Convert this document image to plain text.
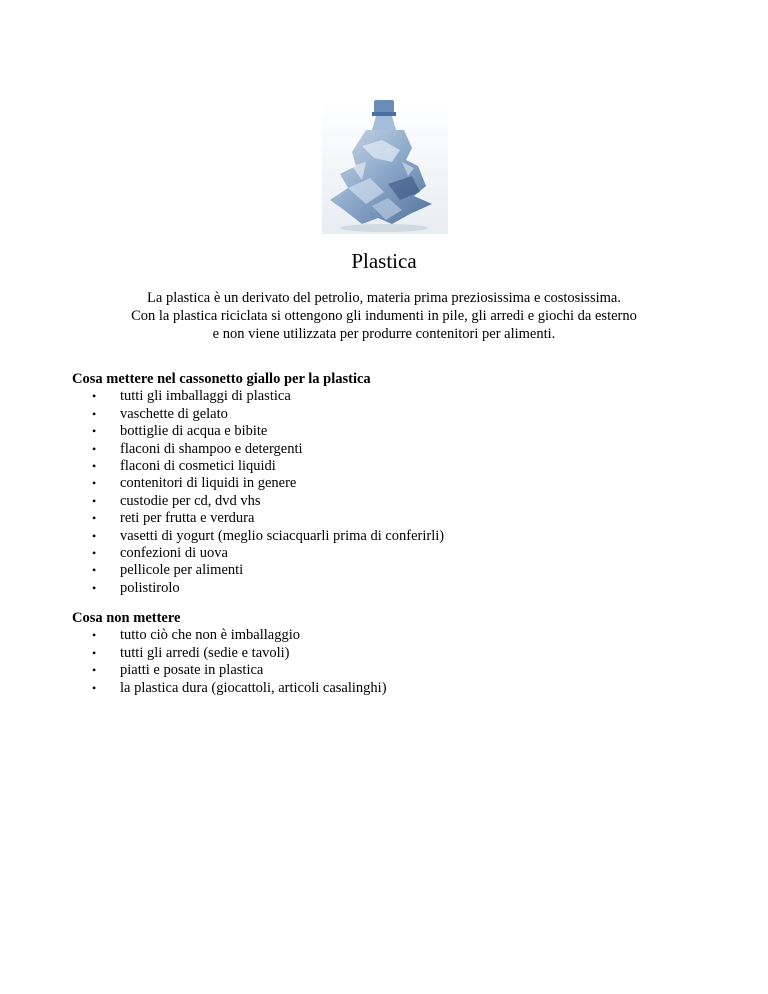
Plastica
La plastica è un derivato del petrolio, materia prima preziosissima e costosissima.
Con la plastica riciclata si ottengono gli indumenti in pile, gli arredi e giochi da esterno
e non viene utilizzata per produrre contenitori per alimenti.
Cosa mettere nel cassonetto giallo per la plastica
• tutti gli imballaggi di plastica
• vaschette di gelato
• bottiglie di acqua e bibite
• flaconi di shampoo e detergenti
• flaconi di cosmetici liquidi
• contenitori di liquidi in genere
• custodie per cd, dvd vhs
• reti per frutta e verdura
• vasetti di yogurt (meglio sciacquarli prima di conferirli)
• confezioni di uova
• pellicole per alimenti
• polistirolo
Cosa non mettere
• tutto ciò che non è imballaggio
• tutti gli arredi (sedie e tavoli)
• piatti e posate in plastica
• la plastica dura (giocattoli, articoli casalinghi)
